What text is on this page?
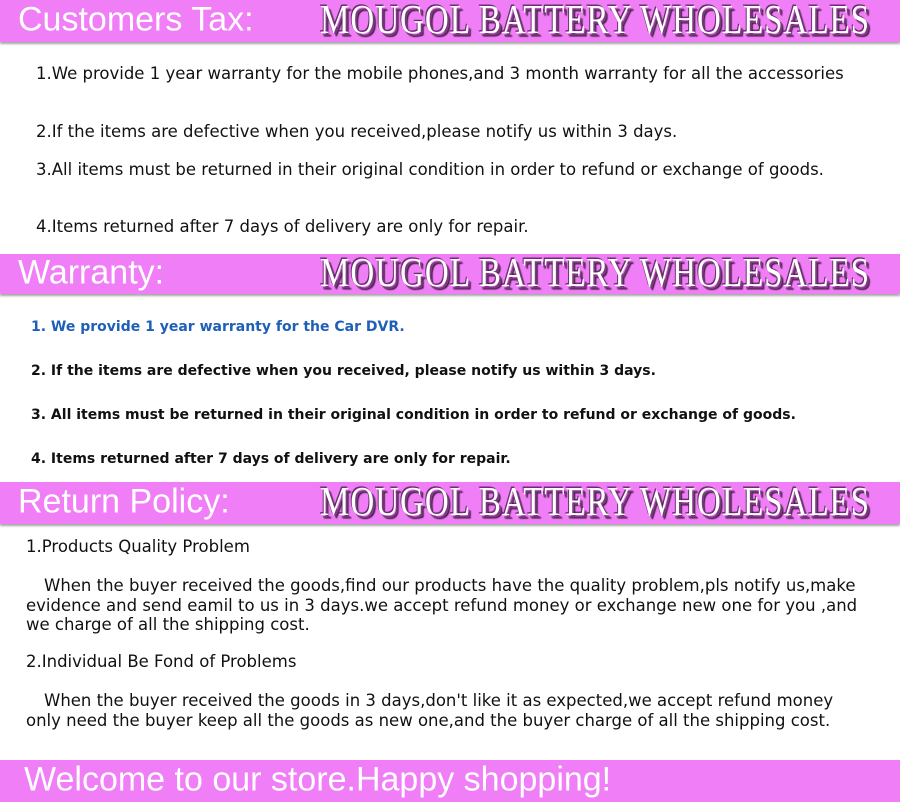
Customers Tax: MOUGOL BATTERY WHOLESALES

1.We provide 1 year warranty for the mobile phones,and 3 month warranty for all the accessories

2.If the items are defective when you received,please notify us within 3 days.

3.All items must be returned in their original condition in order to refund or exchange of goods.

4.Items returned after 7 days of delivery are only for repair.

Warranty:	MOUGOL BATTERY WHOLESALES

1. We provide 1 year warranty for the Car DVR.

2. If the items are defective when you received, please notify us within 3 days.

3. All items must be returned in their original condition in order to refund or exchange of goods.

4. Items returned after 7 days of delivery are only for repair.

Return Policy:	MOUGOL BATTERY WHOLESALES

1.Products Quality Problem

When the buyer received the goods,find our products have the quality problem,pls notify us,make evidence and send eamil to us in 3 days.we accept refund money or exchange new one for you ,and we charge of all the shipping cost.

2.Individual Be Fond of Problems

When the buyer received the goods in 3 days,don't like it as expected,we accept refund money only need the buyer keep all the goods as new one,and the buyer charge of all the shipping cost.

Welcome to our store.Happy shopping!
